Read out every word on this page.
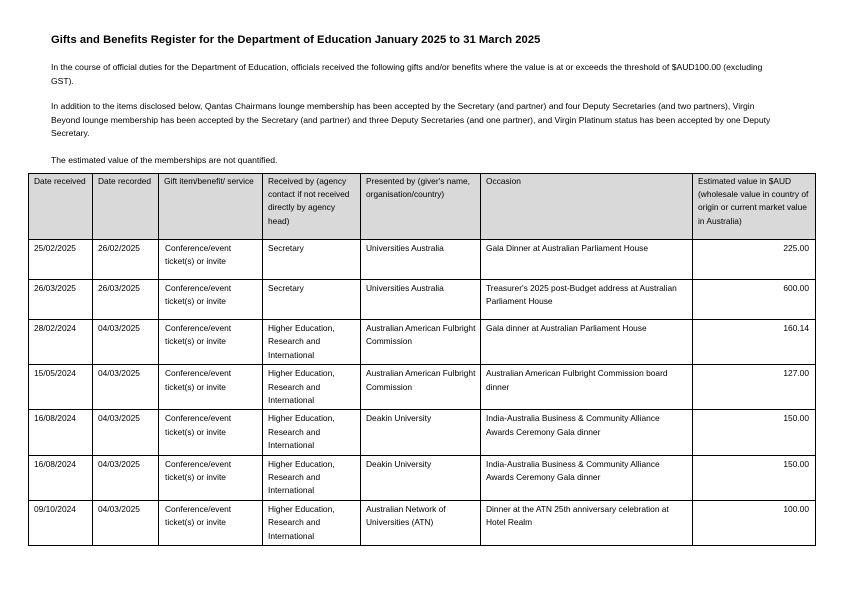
Gifts and Benefits Register for the Department of Education January 2025 to 31 March 2025
In the course of official duties for the Department of Education, officials received the following gifts and/or benefits where the value is at or exceeds the threshold of $AUD100.00 (excluding GST).
In addition to the items disclosed below, Qantas Chairmans lounge membership has been accepted by the Secretary (and partner) and four Deputy Secretaries (and two partners), Virgin Beyond lounge membership has been accepted by the Secretary (and partner) and three Deputy Secretaries (and one partner), and Virgin Platinum status has been accepted by one Deputy Secretary.
The estimated value of the memberships are not quantified.
Date received	Date recorded	Gift item/benefit/ service	Received by (agency contact if not received directly by agency head)	Presented by (giver's name, organisation/country)	Occasion	Estimated value in $AUD (wholesale value in country of origin or current market value in Australia)
25/02/2025	26/02/2025	Conference/event ticket(s) or invite	Secretary	Universities Australia	Gala Dinner at Australian Parliament House	225.00
26/03/2025	26/03/2025	Conference/event ticket(s) or invite	Secretary	Universities Australia	Treasurer's 2025 post-Budget address at Australian Parliament House	600.00
28/02/2024	04/03/2025	Conference/event ticket(s) or invite	Higher Education, Research and International	Australian American Fulbright Commission	Gala dinner at Australian Parliament House	160.14
15/05/2024	04/03/2025	Conference/event ticket(s) or invite	Higher Education, Research and International	Australian American Fulbright Commission	Australian American Fulbright Commission board dinner	127.00
16/08/2024	04/03/2025	Conference/event ticket(s) or invite	Higher Education, Research and International	Deakin University	India-Australia Business & Community Alliance Awards Ceremony Gala dinner	150.00
16/08/2024	04/03/2025	Conference/event ticket(s) or invite	Higher Education, Research and International	Deakin University	India-Australia Business & Community Alliance Awards Ceremony Gala dinner	150.00
09/10/2024	04/03/2025	Conference/event ticket(s) or invite	Higher Education, Research and International	Australian Network of Universities (ATN)	Dinner at the ATN 25th anniversary celebration at Hotel Realm	100.00
